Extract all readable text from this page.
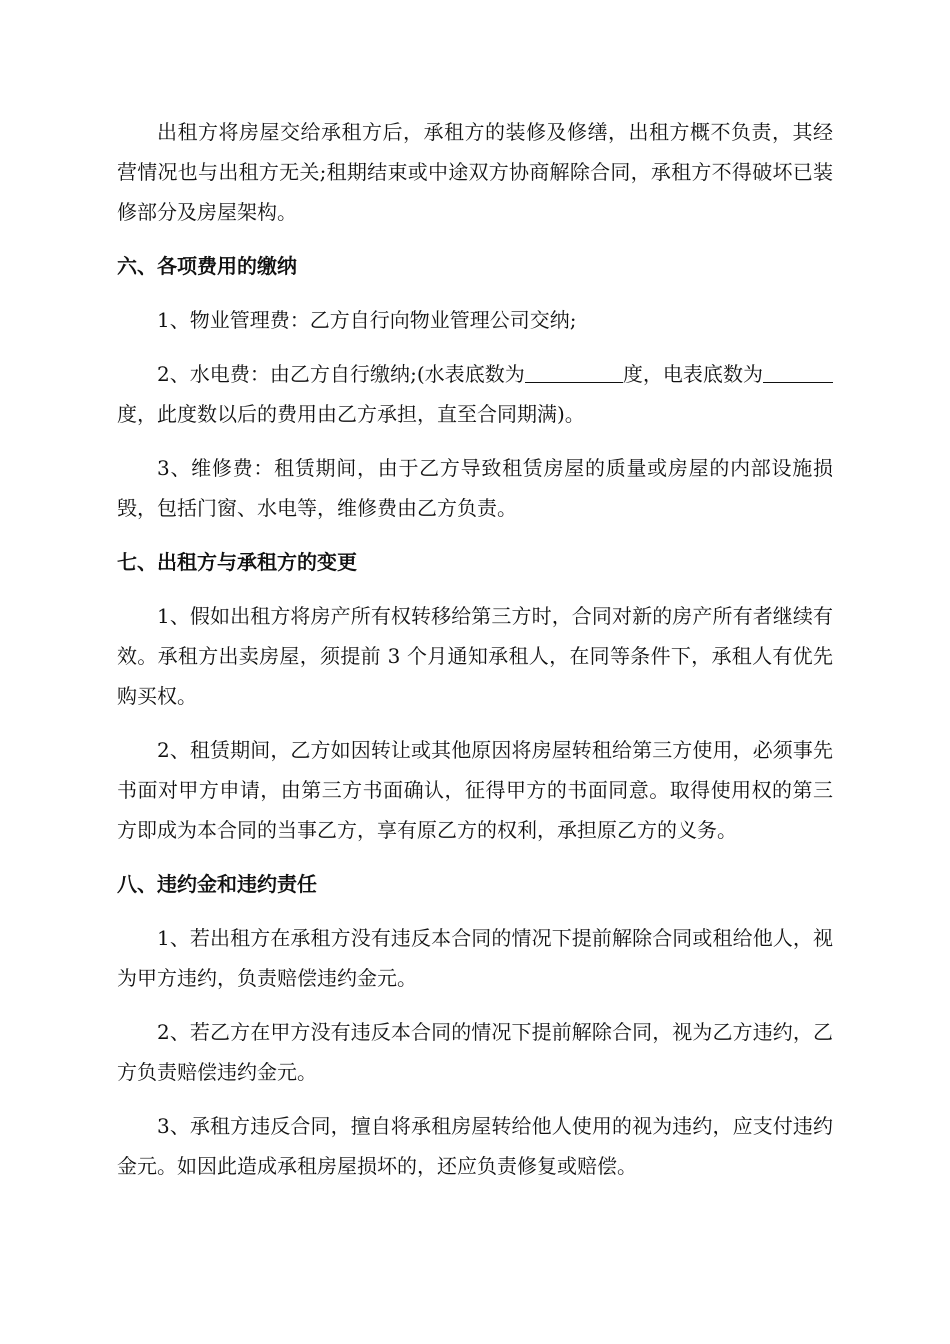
出租方将房屋交给承租方后，承租方的装修及修缮，出租方概不负责，其经营情况也与出租方无关;租期结束或中途双方协商解除合同，承租方不得破坏已装修部分及房屋架构。

六、各项费用的缴纳

1、物业管理费：乙方自行向物业管理公司交纳;

2、水电费：由乙方自行缴纳;(水表底数为	度，电表底数为度，此度数以后的费用由乙方承担，直至合同期满)。

3、维修费：租赁期间，由于乙方导致租赁房屋的质量或房屋的内部设施损毁，包括门窗、水电等，维修费由乙方负责。

七、出租方与承租方的变更

1、假如出租方将房产所有权转移给第三方时，合同对新的房产所有者继续有效。承租方出卖房屋，须提前 3 个月通知承租人，在同等条件下，承租人有优先购买权。

2、租赁期间，乙方如因转让或其他原因将房屋转租给第三方使用，必须事先书面对甲方申请，由第三方书面确认，征得甲方的书面同意。取得使用权的第三方即成为本合同的当事乙方，享有原乙方的权利，承担原乙方的义务。

八、违约金和违约责任

1、若出租方在承租方没有违反本合同的情况下提前解除合同或租给他人，视为甲方违约，负责赔偿违约金元。

2、若乙方在甲方没有违反本合同的情况下提前解除合同，视为乙方违约，乙方负责赔偿违约金元。

3、承租方违反合同，擅自将承租房屋转给他人使用的视为违约，应支付违约金元。如因此造成承租房屋损坏的，还应负责修复或赔偿。
